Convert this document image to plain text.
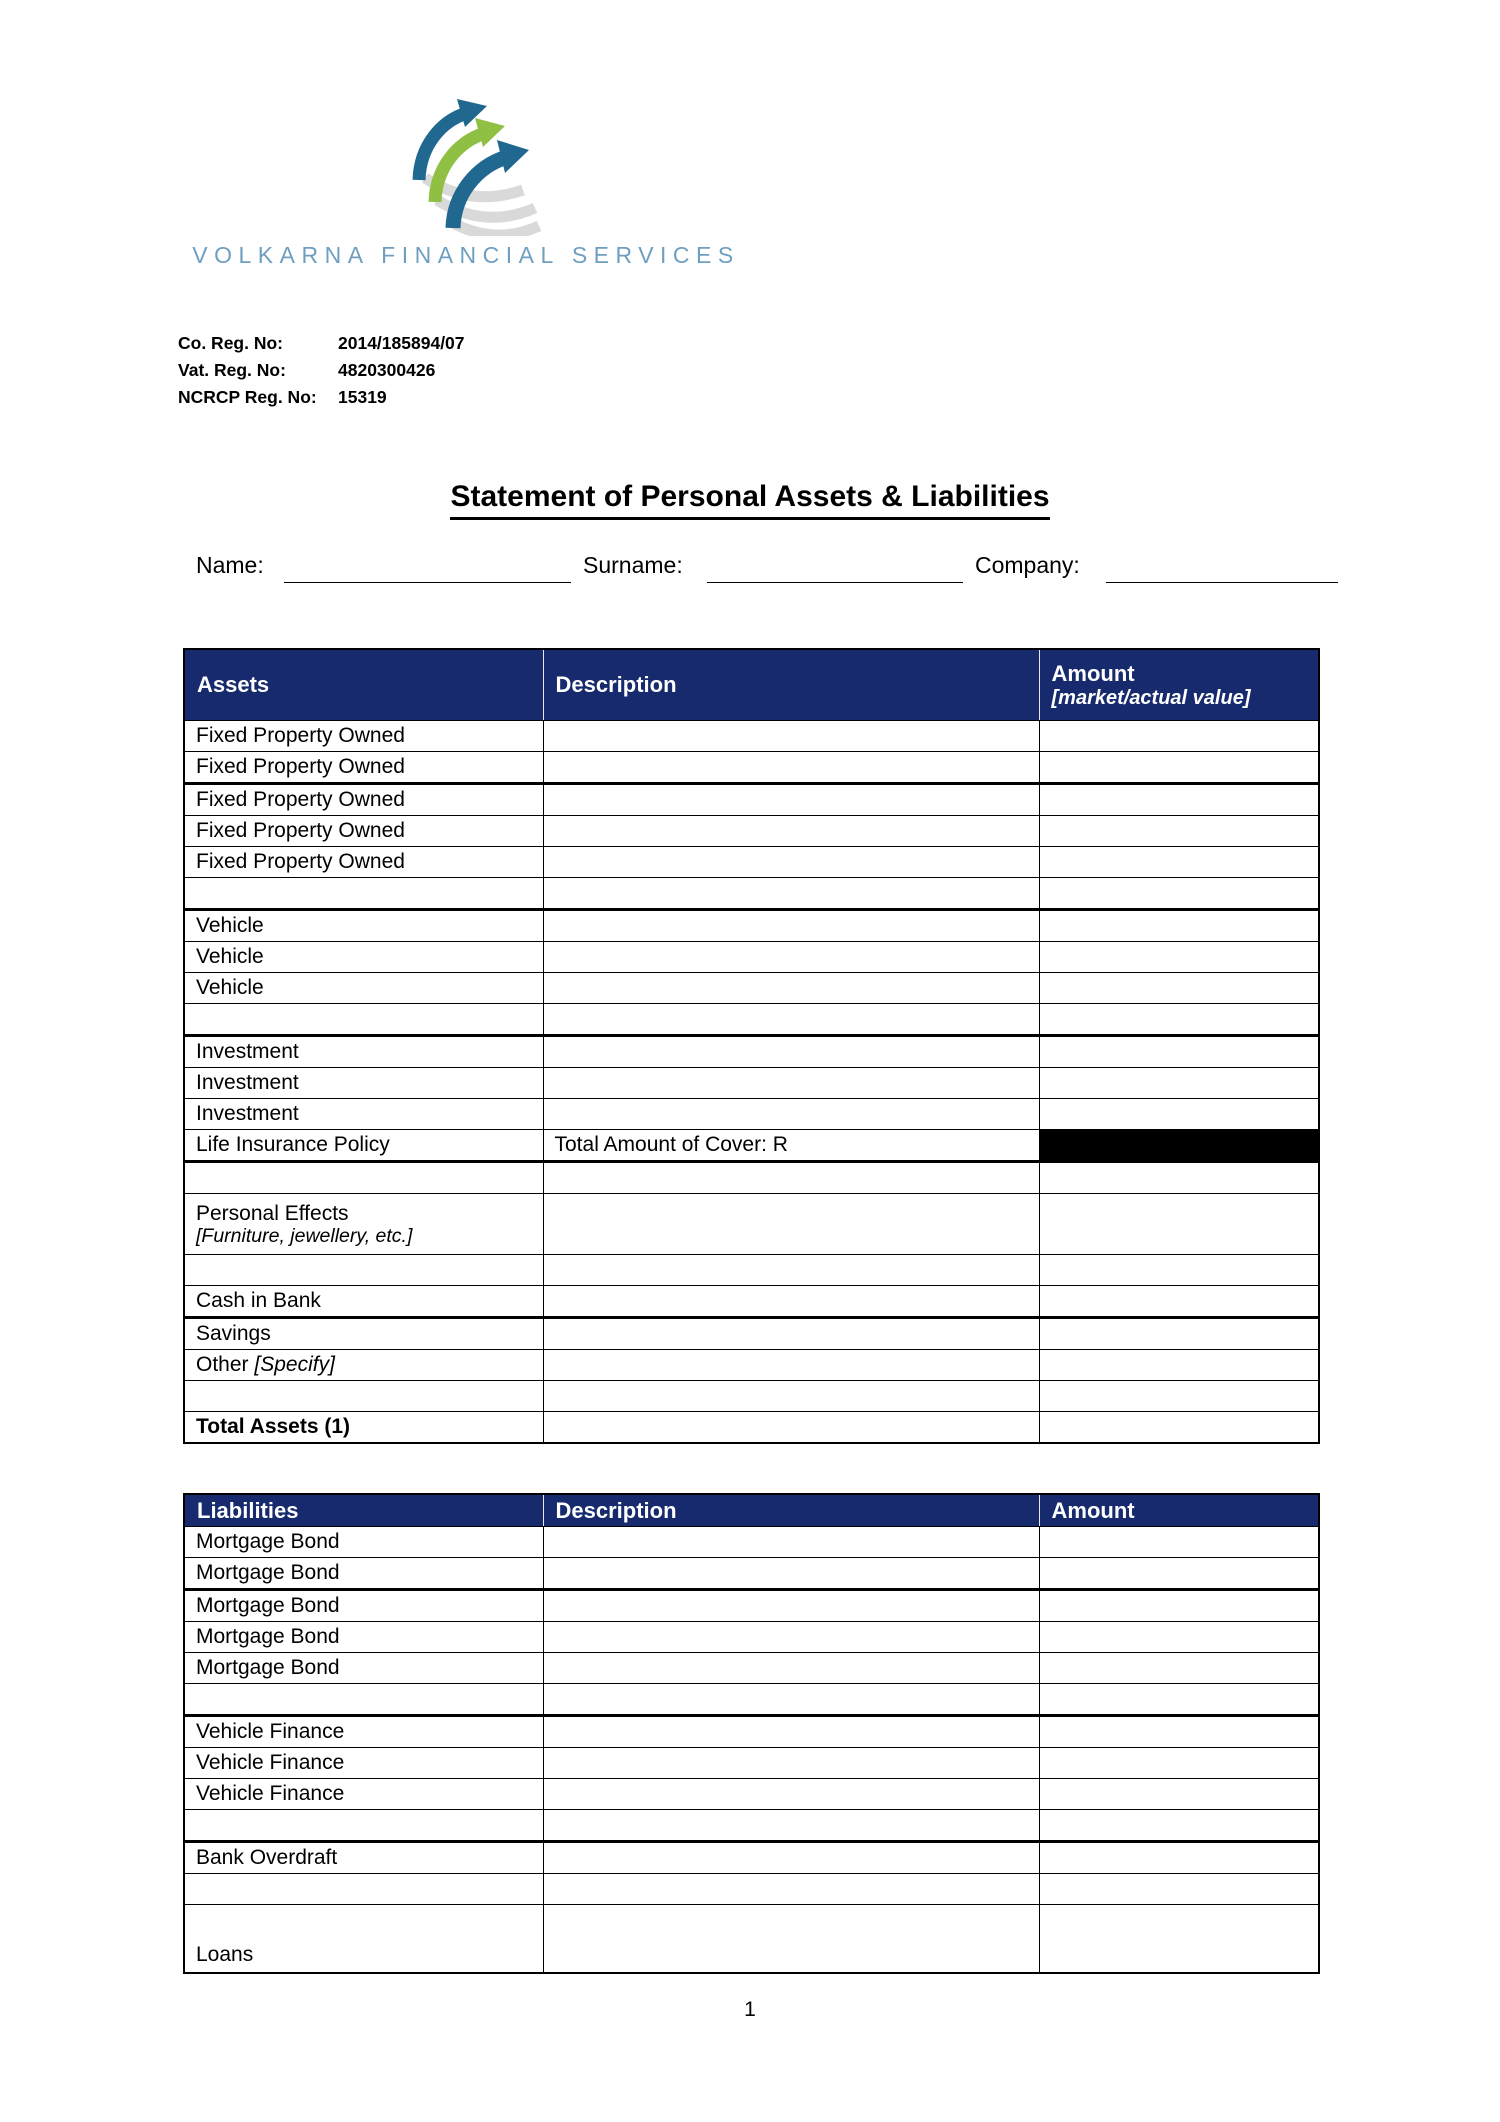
VOLKARNA FINANCIAL SERVICES
Co. Reg. No:	2014/185894/07
Vat. Reg. No:	4820300426
NCRCP Reg. No: 15319
Statement of Personal Assets & Liabilities
Name:	Surname:	Company:
Assets	Description	Amount
[market/actual value]

Fixed Property Owned		
Fixed Property Owned		
Fixed Property Owned		
Fixed Property Owned		
Fixed Property Owned		

Vehicle		
Vehicle		
Vehicle		

Investment		
Investment		
Investment		
Life Insurance Policy	Total Amount of Cover: R	

Personal Effects
[Furniture, jewellery, etc.]		

Cash in Bank		
Savings		
Other [Specify]		

Total Assets (1)		
Liabilities	Description	Amount
Mortgage Bond		
Mortgage Bond		
Mortgage Bond		
Mortgage Bond		
Mortgage Bond		

Vehicle Finance		
Vehicle Finance		
Vehicle Finance		

Bank Overdraft		

Loans		
1
